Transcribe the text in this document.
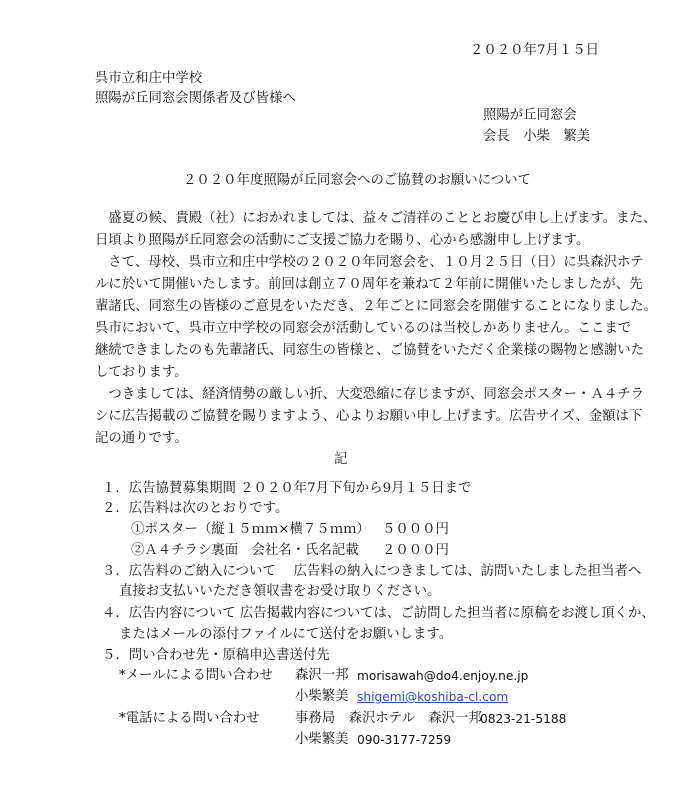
２０２０年7月１５日
呉市立和庄中学校
照陽が丘同窓会関係者及び皆様へ
照陽が丘同窓会
会長　小柴　繁美
２０２０年度照陽が丘同窓会へのご協賛のお願いについて
　盛夏の候、貴殿（社）におかれましては、益々ご清祥のこととお慶び申し上げます。また、
日頃より照陽が丘同窓会の活動にご支援ご協力を賜り、心から感謝申し上げます。
　さて、母校、呉市立和庄中学校の２０２０年同窓会を、１０月２５日（日）に呉森沢ホテ
ルに於いて開催いたします。前回は創立７０周年を兼ねて２年前に開催いたしましたが、先
輩諸氏、同窓生の皆様のご意見をいただき、２年ごとに同窓会を開催することになりました。
呉市において、呉市立中学校の同窓会が活動しているのは当校しかありません。ここまで
継続できましたのも先輩諸氏、同窓生の皆様と、ご協賛をいただく企業様の賜物と感謝いた
しております。
　つきましては、経済情勢の厳しい折、大変恐縮に存じますが、同窓会ポスター・Ａ４チラ
シに広告掲載のご協賛を賜りますよう、心よりお願い申し上げます。広告サイズ、金額は下
記の通りです。
記
１．広告協賛募集期間 ２０２０年7月下旬から9月１５日まで
２．広告料は次のとおりです。
①ポスター（縦１５ｍｍ×横７５ｍｍ） ５０００円
②Ａ４チラシ裏面　会社名・氏名記載 ２０００円
３．広告料のご納入について　 広告料の納入につきましては、訪問いたしました担当者へ
直接お支払いいただき領収書をお受け取りください。
４．広告内容について 広告掲載内容については、ご訪問した担当者に原稿をお渡し頂くか、
またはメールの添付ファイルにて送付をお願いします。
５．問い合わせ先・原稿申込書送付先
*メールによる問い合わせ 森沢一邦 morisawah@do4.enjoy.ne.jp
小柴繁美 shigemi@koshiba-cl.com
*電話による問い合わせ	事務局　森沢ホテル　森沢一邦
0823-21-5188
小柴繁美 090-3177-7259
